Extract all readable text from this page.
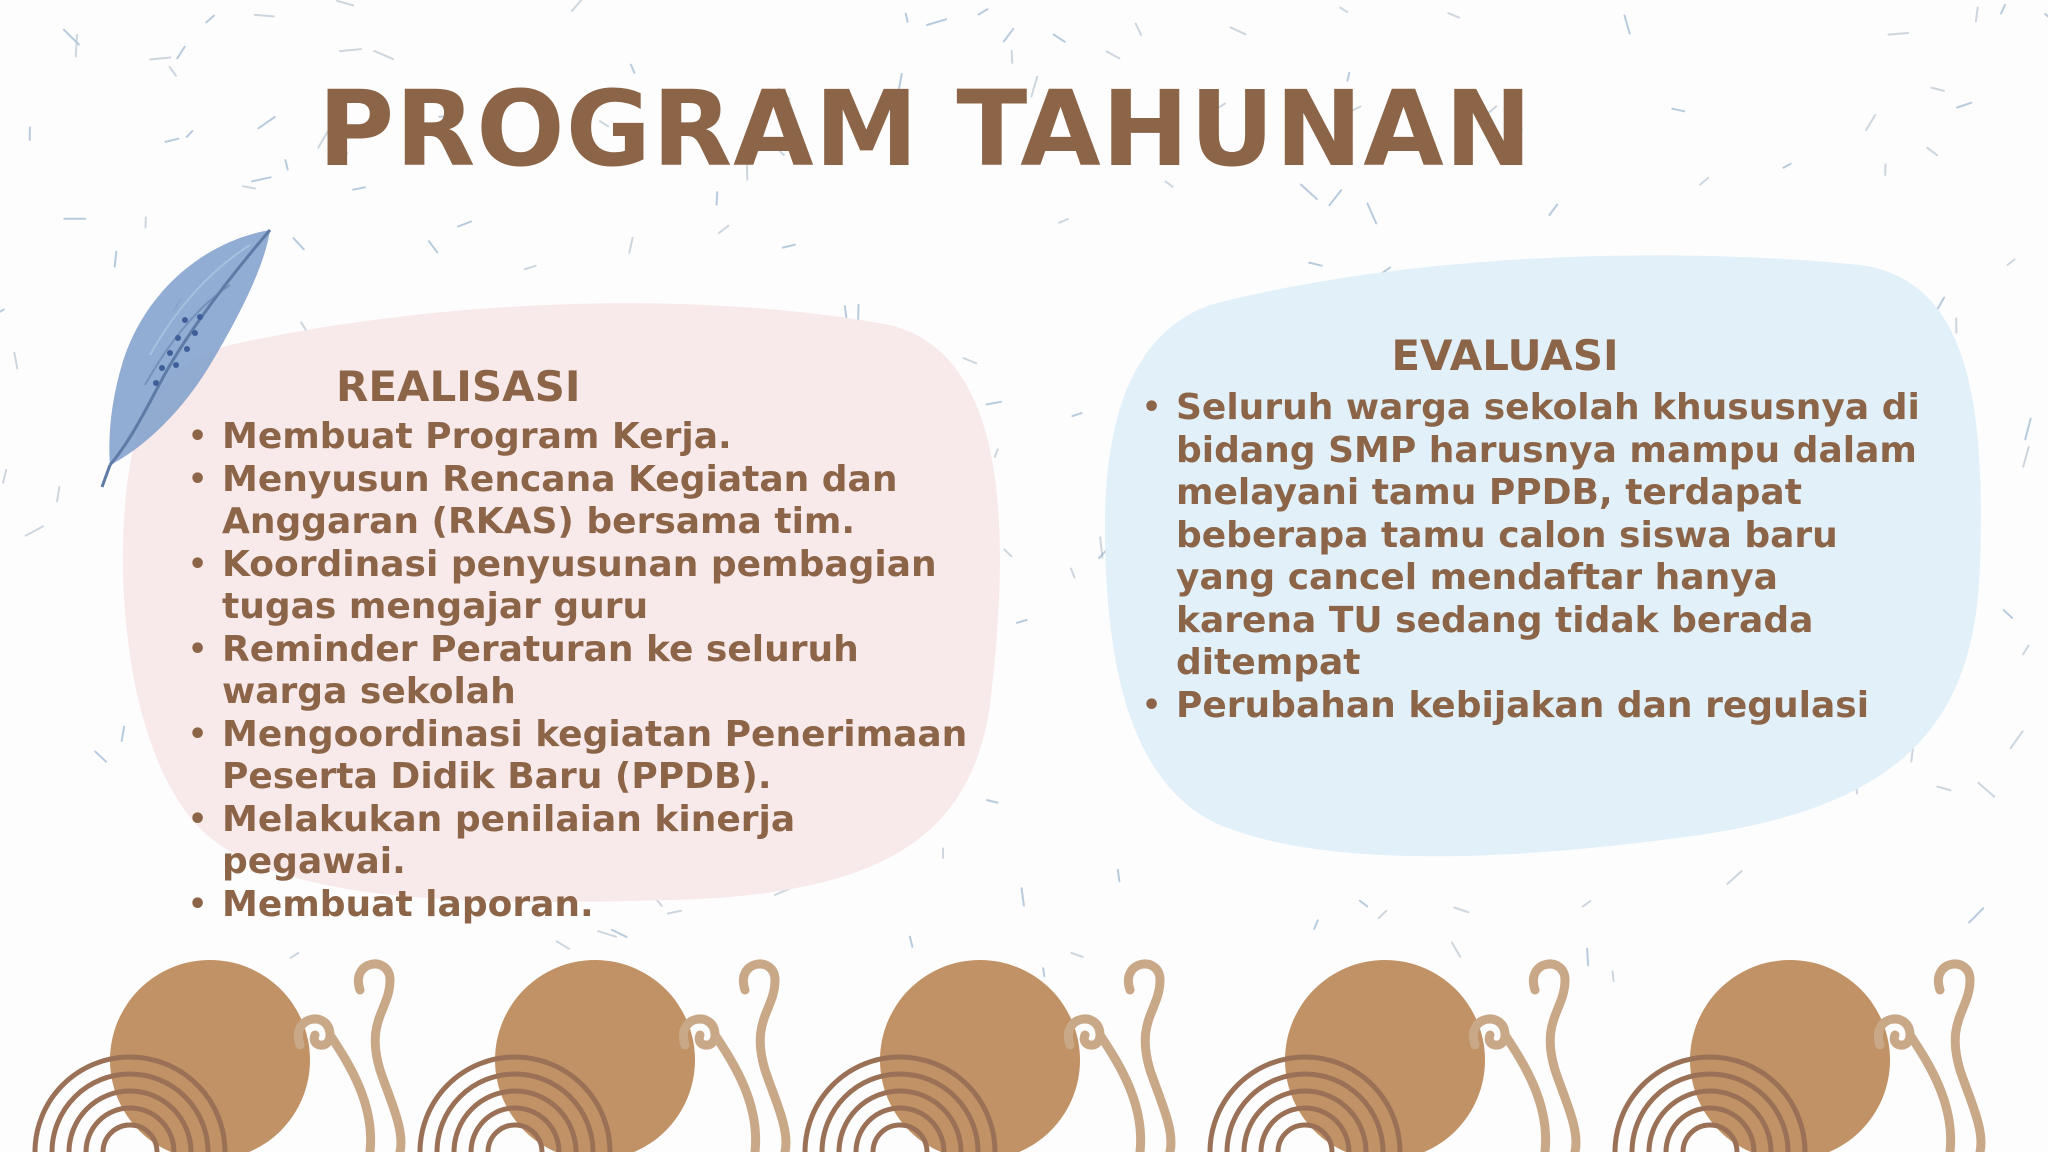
PROGRAM TAHUNAN
REALISASI
• Membuat Program Kerja.
• Menyusun Rencana Kegiatan dan Anggaran (RKAS) bersama tim.
• Koordinasi penyusunan pembagian tugas mengajar guru
• Reminder Peraturan ke seluruh warga sekolah
• Mengoordinasi kegiatan Penerimaan Peserta Didik Baru (PPDB).
• Melakukan penilaian kinerja pegawai.
• Membuat laporan.
EVALUASI
• Seluruh warga sekolah khususnya di bidang SMP harusnya mampu dalam melayani tamu PPDB, terdapat beberapa tamu calon siswa baru yang cancel mendaftar hanya karena TU sedang tidak berada ditempat
• Perubahan kebijakan dan regulasi
